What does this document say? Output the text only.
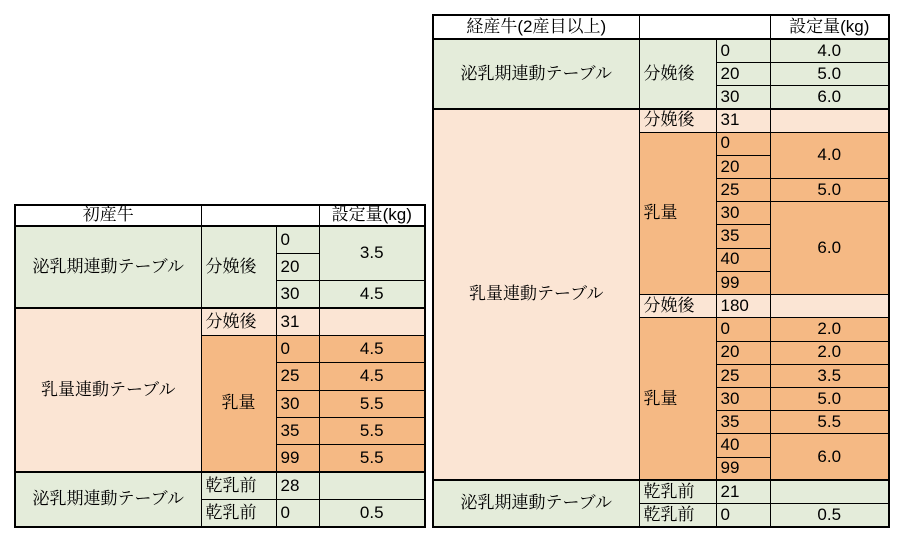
初産牛			設定量(kg)
泌乳期連動テーブル	分娩後	0	3.5
		20	
		30	4.5
乳量連動テーブル	分娩後	31	
	乳量	0	4.5
		25	4.5
		30	5.5
		35	5.5
		99	5.5
泌乳期連動テーブル	乾乳前	28	
	乾乳前	0	0.5
経産牛(2産目以上)			設定量(kg)
泌乳期連動テーブル	分娩後	0	4.0
		20	5.0
		30	6.0
乳量連動テーブル	分娩後	31	
	乳量	0	4.0
		20	
		25	5.0
		30	6.0
		35	
		40	
		99	
	分娩後	180	
	乳量	0	2.0
		20	2.0
		25	3.5
		30	5.0
		35	5.5
		40	6.0
		99	
泌乳期連動テーブル	乾乳前	21	
	乾乳前	0	0.5
